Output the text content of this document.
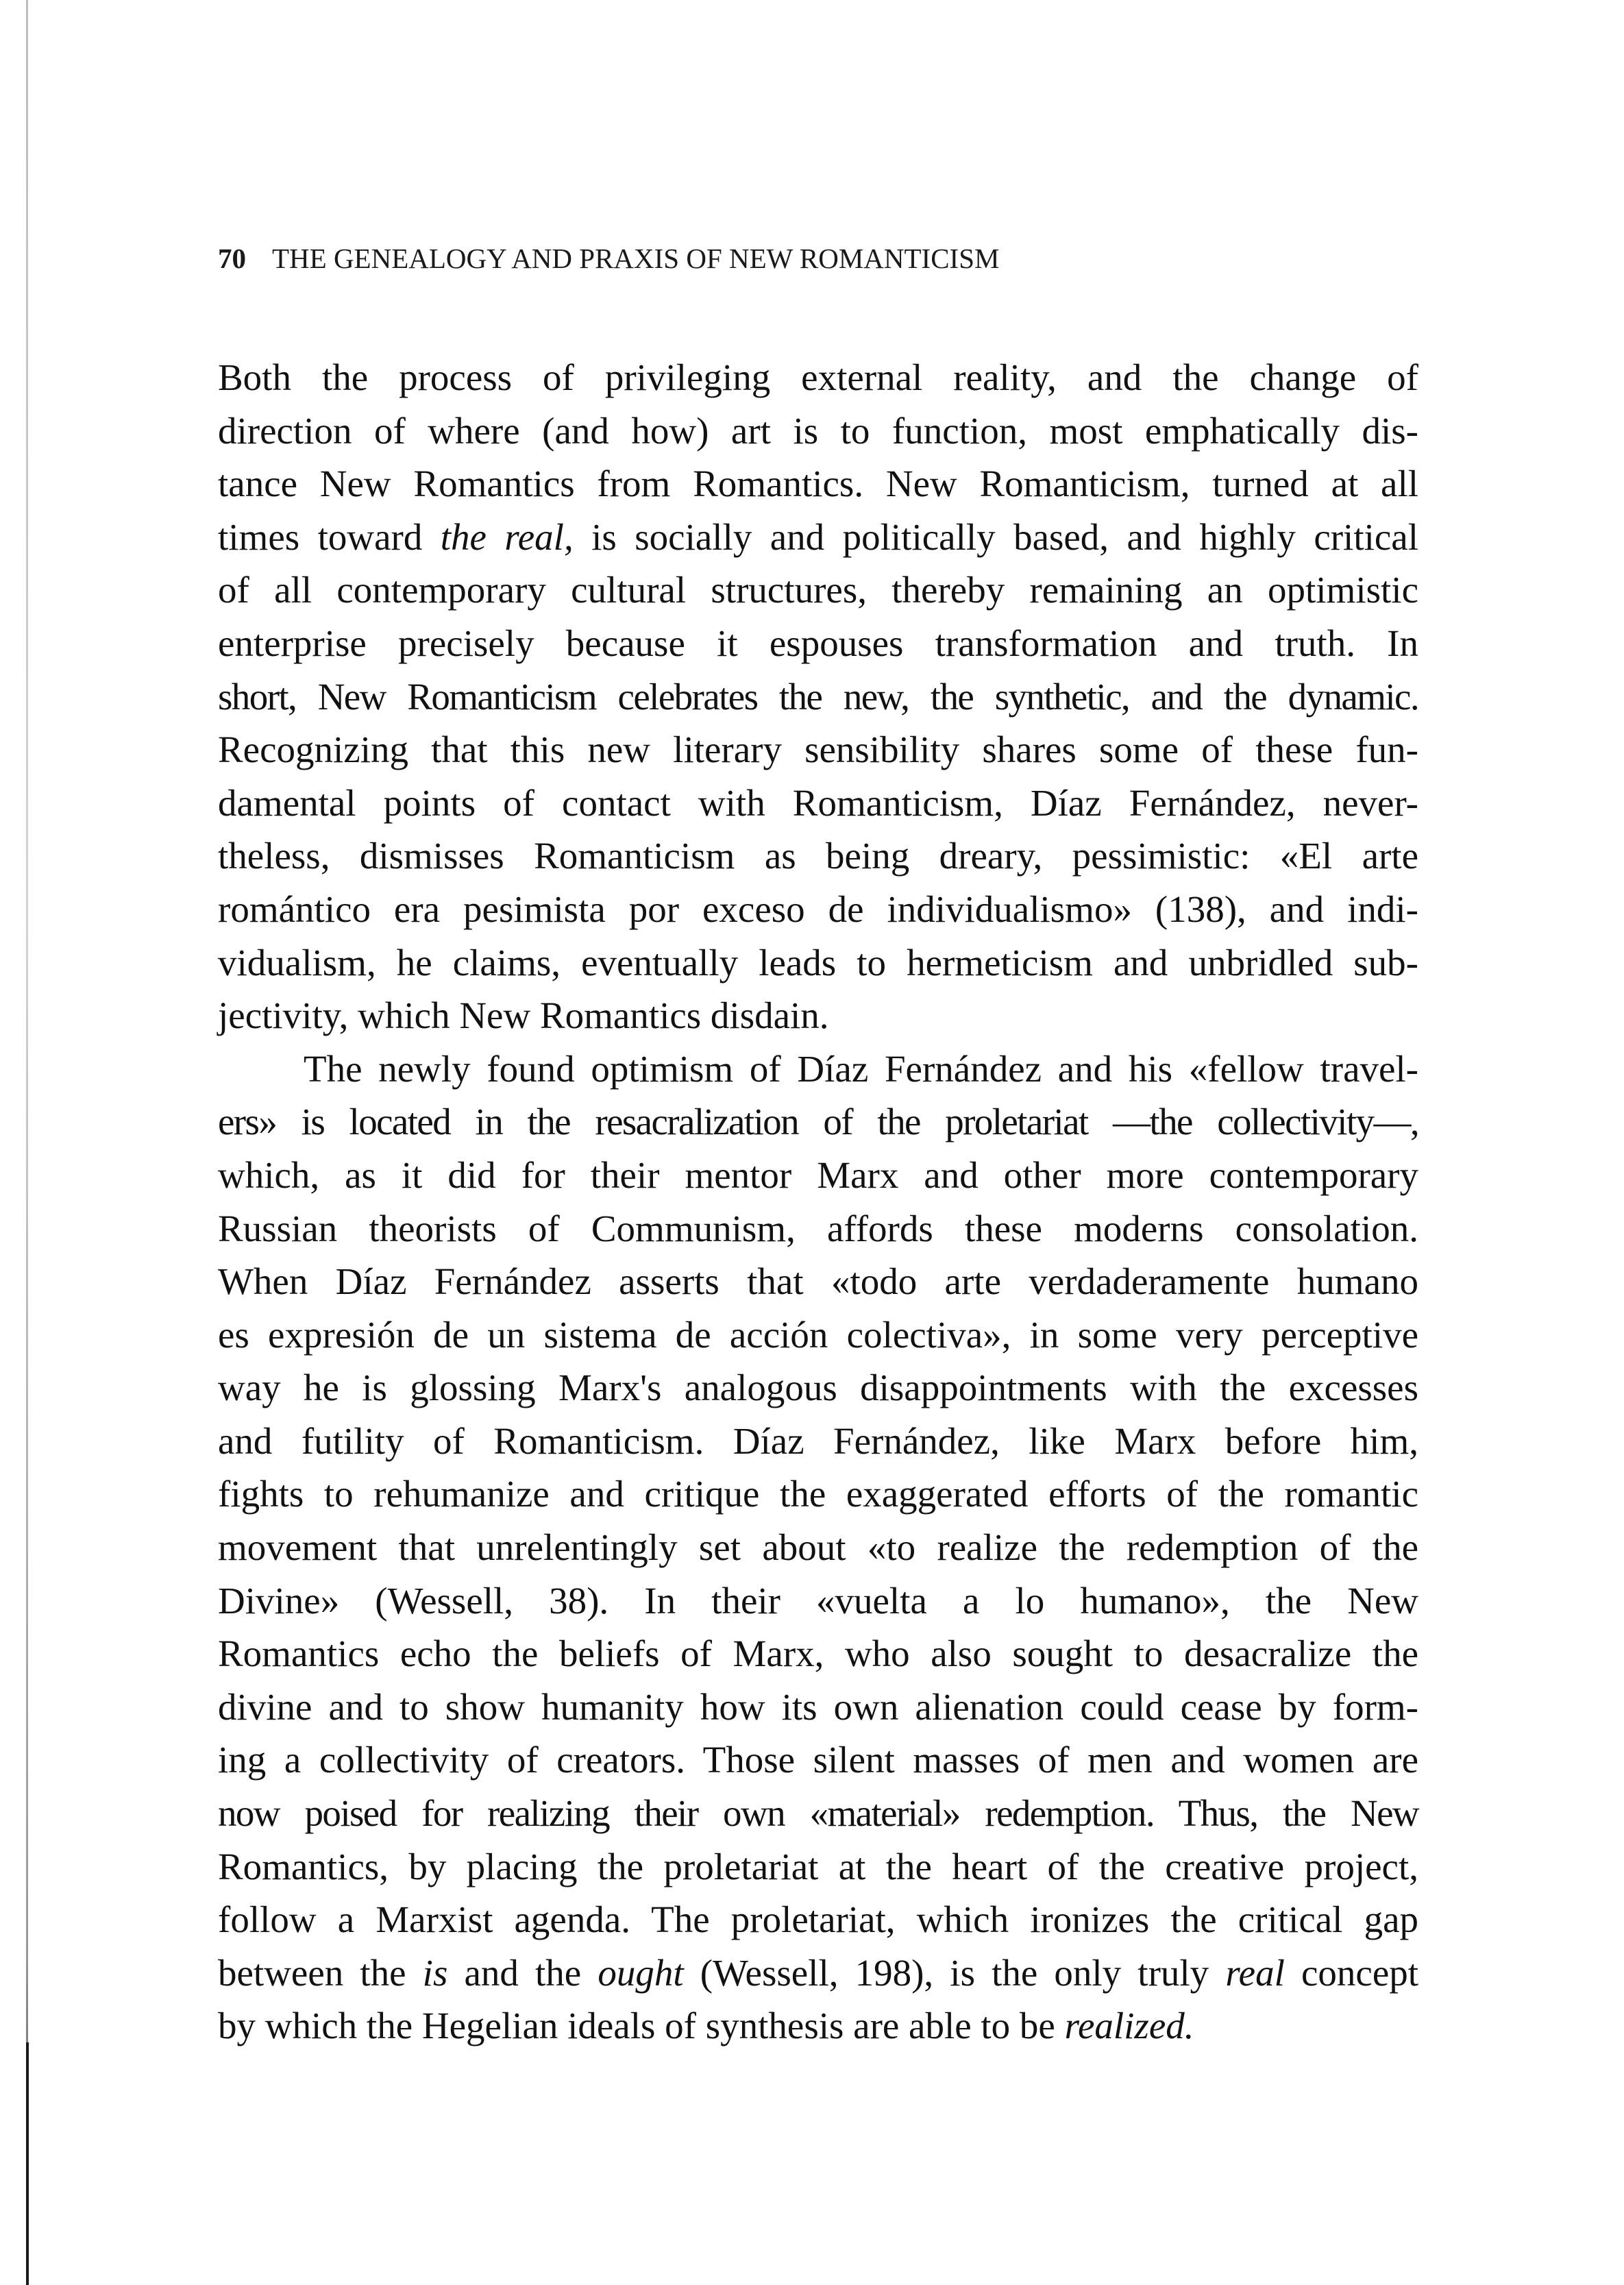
70 THE GENEALOGY AND PRAXIS OF NEW ROMANTICISM
Both the process of privileging external reality, and the change of
direction of where (and how) art is to function, most emphatically dis-
tance New Romantics from Romantics. New Romanticism, turned at all
times toward the real, is socially and politically based, and highly critical
of all contemporary cultural structures, thereby remaining an optimistic
enterprise precisely because it espouses transformation and truth. In
short, New Romanticism celebrates the new, the synthetic, and the dynamic.
Recognizing that this new literary sensibility shares some of these fun-
damental points of contact with Romanticism, Díaz Fernández, never-
theless, dismisses Romanticism as being dreary, pessimistic: «El arte
romántico era pesimista por exceso de individualismo» (138), and indi-
vidualism, he claims, eventually leads to hermeticism and unbridled sub-
jectivity, which New Romantics disdain.
The newly found optimism of Díaz Fernández and his «fellow travel-
ers» is located in the resacralization of the proletariat —the collectivity—,
which, as it did for their mentor Marx and other more contemporary
Russian theorists of Communism, affords these moderns consolation.
When Díaz Fernández asserts that «todo arte verdaderamente humano
es expresión de un sistema de acción colectiva», in some very perceptive
way he is glossing Marx's analogous disappointments with the excesses
and futility of Romanticism. Díaz Fernández, like Marx before him,
fights to rehumanize and critique the exaggerated efforts of the romantic
movement that unrelentingly set about «to realize the redemption of the
Divine» (Wessell, 38). In their «vuelta a lo humano», the New
Romantics echo the beliefs of Marx, who also sought to desacralize the
divine and to show humanity how its own alienation could cease by form-
ing a collectivity of creators. Those silent masses of men and women are
now poised for realizing their own «material» redemption. Thus, the New
Romantics, by placing the proletariat at the heart of the creative project,
follow a Marxist agenda. The proletariat, which ironizes the critical gap
between the is and the ought (Wessell, 198), is the only truly real concept
by which the Hegelian ideals of synthesis are able to be realized.
